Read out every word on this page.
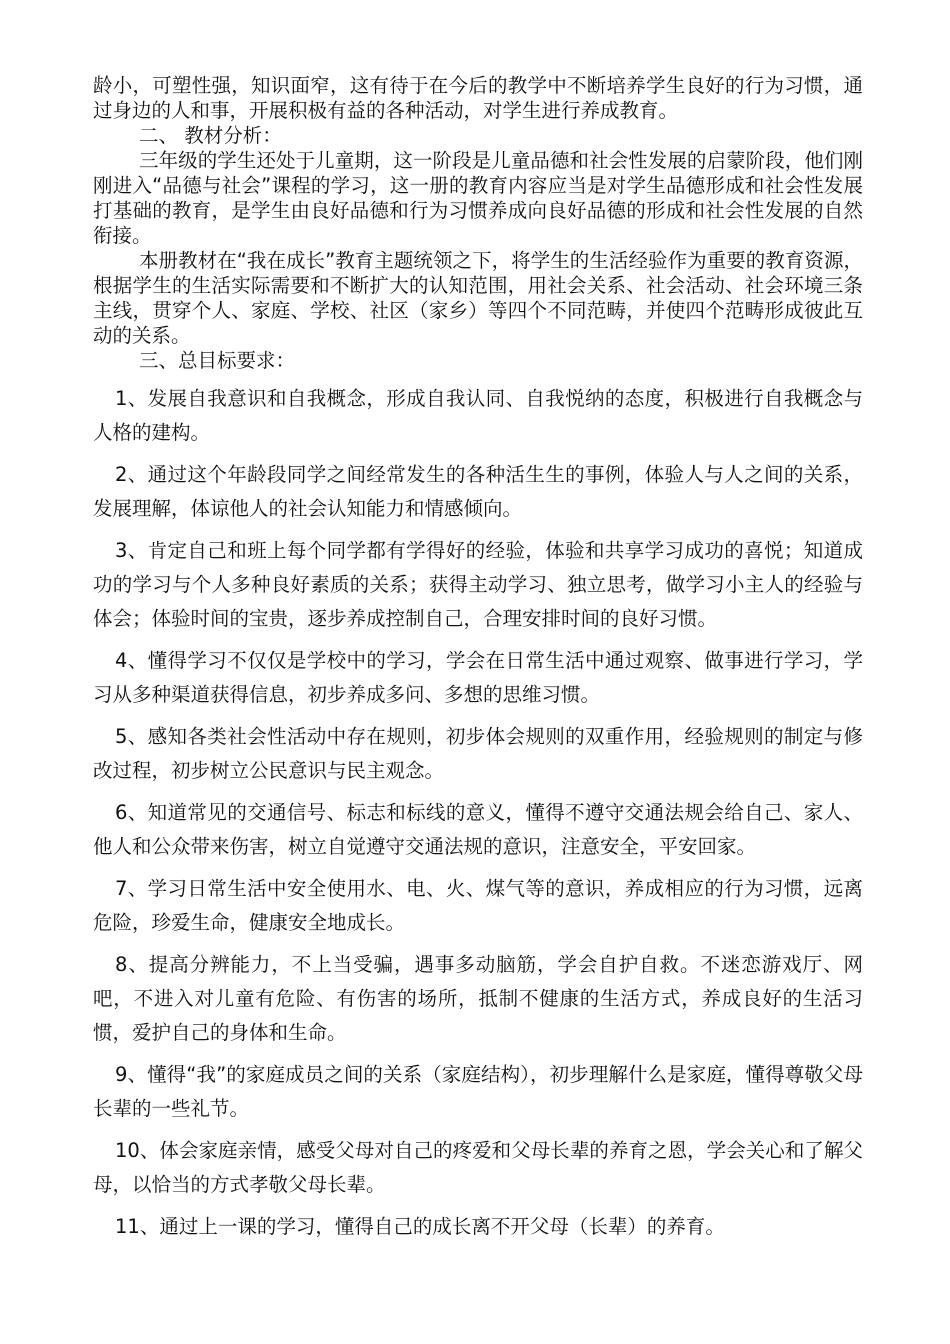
龄小，可塑性强，知识面窄，这有待于在今后的教学中不断培养学生良好的行为习惯，通过身边的人和事，开展积极有益的各种活动，对学生进行养成教育。

二、 教材分析：

三年级的学生还处于儿童期，这一阶段是儿童品德和社会性发展的启蒙阶段，他们刚刚进入“品德与社会”课程的学习，这一册的教育内容应当是对学生品德形成和社会性发展打基础的教育，是学生由良好品德和行为习惯养成向良好品德的形成和社会性发展的自然衔接。

本册教材在“我在成长”教育主题统领之下，将学生的生活经验作为重要的教育资源，根据学生的生活实际需要和不断扩大的认知范围，用社会关系、社会活动、社会环境三条主线，贯穿个人、家庭、学校、社区（家乡）等四个不同范畴，并使四个范畴形成彼此互动的关系。

三、总目标要求：

1、发展自我意识和自我概念，形成自我认同、自我悦纳的态度，积极进行自我概念与人格的建构。

2、通过这个年龄段同学之间经常发生的各种活生生的事例，体验人与人之间的关系，发展理解，体谅他人的社会认知能力和情感倾向。

3、肯定自己和班上每个同学都有学得好的经验，体验和共享学习成功的喜悦；知道成功的学习与个人多种良好素质的关系；获得主动学习、独立思考，做学习小主人的经验与体会；体验时间的宝贵，逐步养成控制自己，合理安排时间的良好习惯。

4、懂得学习不仅仅是学校中的学习，学会在日常生活中通过观察、做事进行学习，学习从多种渠道获得信息，初步养成多问、多想的思维习惯。

5、感知各类社会性活动中存在规则，初步体会规则的双重作用，经验规则的制定与修改过程，初步树立公民意识与民主观念。

6、知道常见的交通信号、标志和标线的意义，懂得不遵守交通法规会给自己、家人、他人和公众带来伤害，树立自觉遵守交通法规的意识，注意安全，平安回家。

7、学习日常生活中安全使用水、电、火、煤气等的意识，养成相应的行为习惯，远离危险，珍爱生命，健康安全地成长。

8、提高分辨能力，不上当受骗，遇事多动脑筋，学会自护自救。不迷恋游戏厅、网吧，不进入对儿童有危险、有伤害的场所，抵制不健康的生活方式，养成良好的生活习惯，爱护自己的身体和生命。

9、懂得“我”的家庭成员之间的关系（家庭结构），初步理解什么是家庭，懂得尊敬父母长辈的一些礼节。

10、体会家庭亲情，感受父母对自己的疼爱和父母长辈的养育之恩，学会关心和了解父母，以恰当的方式孝敬父母长辈。

11、通过上一课的学习，懂得自己的成长离不开父母（长辈）的养育。
